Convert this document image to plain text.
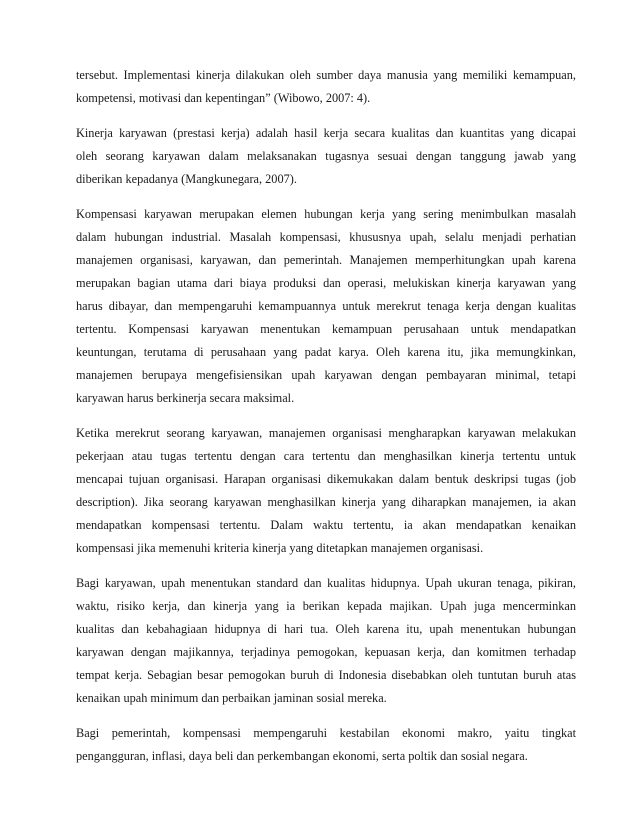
tersebut. Implementasi kinerja dilakukan oleh sumber daya manusia yang memiliki kemampuan,
kompetensi, motivasi dan kepentingan” (Wibowo, 2007: 4).

Kinerja karyawan (prestasi kerja) adalah hasil kerja secara kualitas dan kuantitas yang dicapai
oleh seorang karyawan dalam melaksanakan tugasnya sesuai dengan tanggung jawab yang
diberikan kepadanya (Mangkunegara, 2007).

Kompensasi karyawan merupakan elemen hubungan kerja yang sering menimbulkan masalah
dalam hubungan industrial. Masalah kompensasi, khususnya upah, selalu menjadi perhatian
manajemen organisasi, karyawan, dan pemerintah. Manajemen memperhitungkan upah karena
merupakan bagian utama dari biaya produksi dan operasi, melukiskan kinerja karyawan yang
harus dibayar, dan mempengaruhi kemampuannya untuk merekrut tenaga kerja dengan kualitas
tertentu. Kompensasi karyawan menentukan kemampuan perusahaan untuk mendapatkan
keuntungan, terutama di perusahaan yang padat karya. Oleh karena itu, jika memungkinkan,
manajemen berupaya mengefisiensikan upah karyawan dengan pembayaran minimal, tetapi
karyawan harus berkinerja secara maksimal.

Ketika merekrut seorang karyawan, manajemen organisasi mengharapkan karyawan melakukan
pekerjaan atau tugas tertentu dengan cara tertentu dan menghasilkan kinerja tertentu untuk
mencapai tujuan organisasi. Harapan organisasi dikemukakan dalam bentuk deskripsi tugas (job
description). Jika seorang karyawan menghasilkan kinerja yang diharapkan manajemen, ia akan
mendapatkan kompensasi tertentu. Dalam waktu tertentu, ia akan mendapatkan kenaikan
kompensasi jika memenuhi kriteria kinerja yang ditetapkan manajemen organisasi.

Bagi karyawan, upah menentukan standard dan kualitas hidupnya. Upah ukuran tenaga, pikiran,
waktu, risiko kerja, dan kinerja yang ia berikan kepada majikan. Upah juga mencerminkan
kualitas dan kebahagiaan hidupnya di hari tua. Oleh karena itu, upah menentukan hubungan
karyawan dengan majikannya, terjadinya pemogokan, kepuasan kerja, dan komitmen terhadap
tempat kerja. Sebagian besar pemogokan buruh di Indonesia disebabkan oleh tuntutan buruh atas
kenaikan upah minimum dan perbaikan jaminan sosial mereka.

Bagi pemerintah, kompensasi mempengaruhi kestabilan ekonomi makro, yaitu tingkat
pengangguran, inflasi, daya beli dan perkembangan ekonomi, serta poltik dan sosial negara.
